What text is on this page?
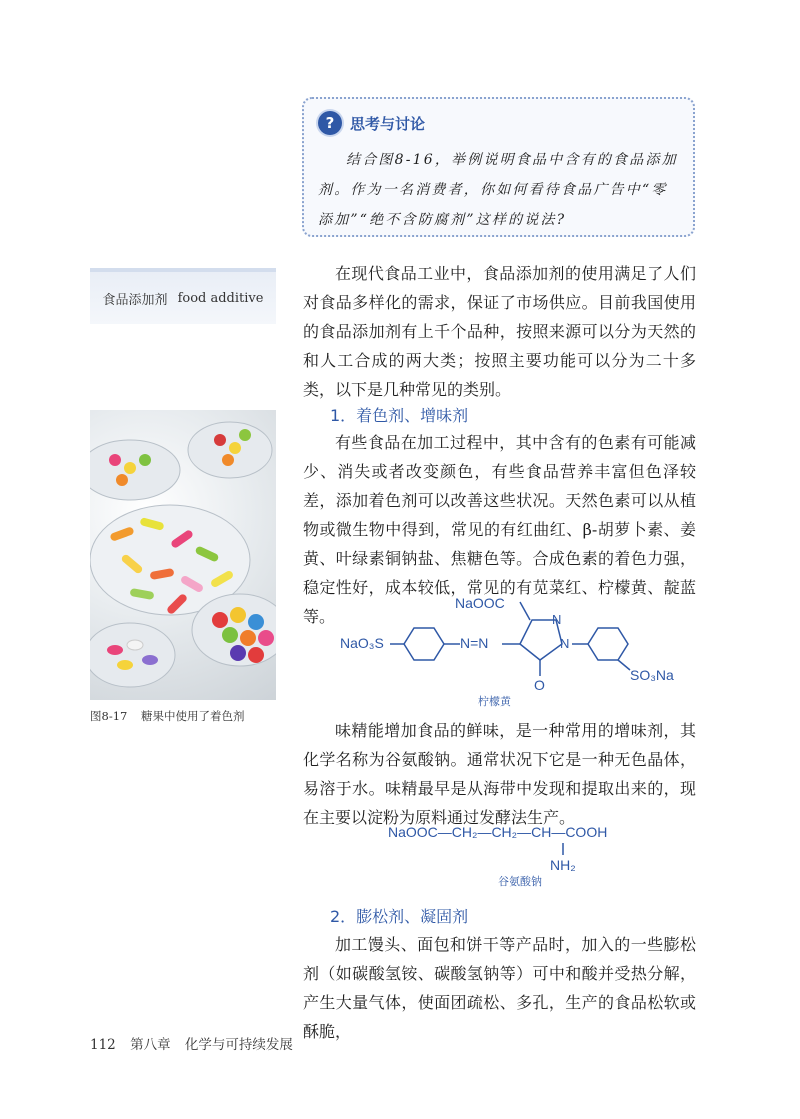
?	思考与讨论
结合图8-16，举例说明食品中含有的食品添加剂。作为一名消费者，你如何看待食品广告中“零添加”“绝不含防腐剂”这样的说法?
食品添加剂 food additive
在现代食品工业中，食品添加剂的使用满足了人们对食品多样化的需求，保证了市场供应。目前我国使用的食品添加剂有上千个品种，按照来源可以分为天然的和人工合成的两大类；按照主要功能可以分为二十多类，以下是几种常见的类别。
1．着色剂、增味剂
图8-17 糖果中使用了着色剂
有些食品在加工过程中，其中含有的色素有可能减少、消失或者改变颜色，有些食品营养丰富但色泽较差，添加着色剂可以改善这些状况。天然色素可以从植物或微生物中得到，常见的有红曲红、β-胡萝卜素、姜黄、叶绿素铜钠盐、焦糖色等。合成色素的着色力强，稳定性好，成本较低，常见的有苋菜红、柠檬黄、靛蓝等。
NaO₃S	N=N
N
N
NaOOC
O
SO₃Na
柠檬黄
味精能增加食品的鲜味，是一种常用的增味剂，其化学名称为谷氨酸钠。通常状况下它是一种无色晶体，易溶于水。味精最早是从海带中发现和提取出来的，现在主要以淀粉为原料通过发酵法生产。
NaOOC—CH₂—CH₂—CH—COOH
NH₂
谷氨酸钠
2．膨松剂、凝固剂
加工馒头、面包和饼干等产品时，加入的一些膨松剂（如碳酸氢铵、碳酸氢钠等）可中和酸并受热分解，产生大量气体，使面团疏松、多孔，生产的食品松软或酥脆，
112 第八章 化学与可持续发展
